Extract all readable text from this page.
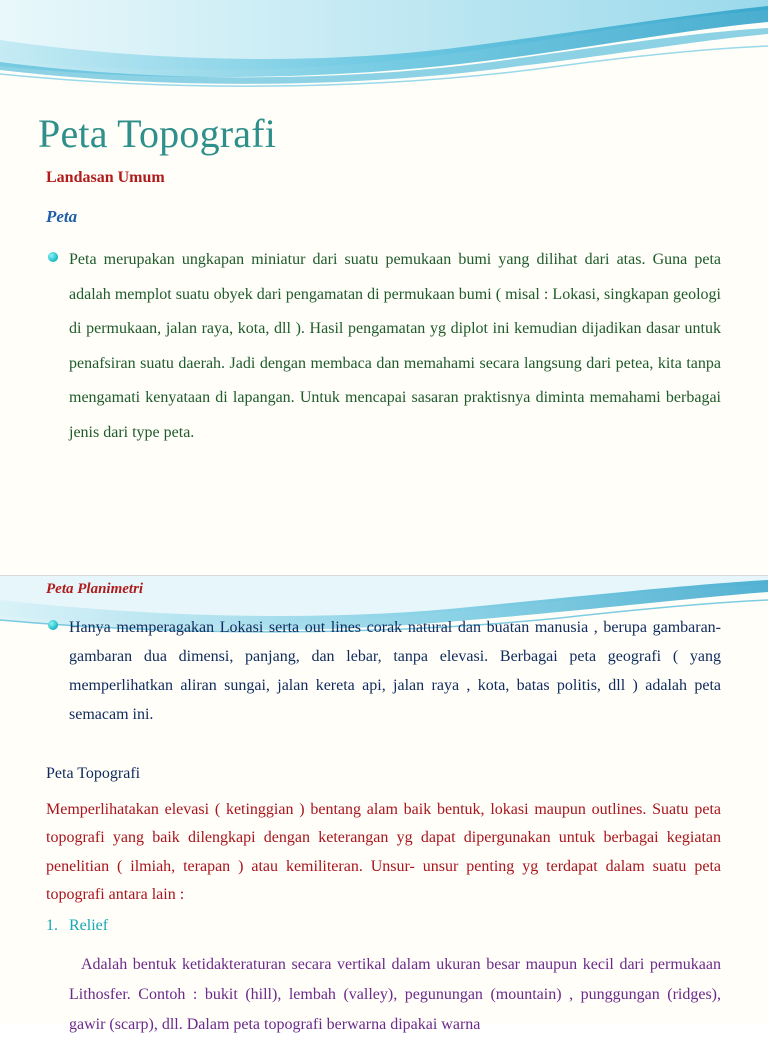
Peta Topografi
Landasan Umum
Peta

Peta merupakan ungkapan miniatur dari suatu pemukaan bumi yang dilihat dari atas. Guna peta adalah memplot suatu obyek dari pengamatan di permukaan bumi ( misal : Lokasi, singkapan geologi di permukaan, jalan raya, kota, dll ). Hasil pengamatan yg diplot ini kemudian dijadikan dasar untuk penafsiran suatu daerah. Jadi dengan membaca dan memahami secara langsung dari petea, kita tanpa mengamati kenyataan di lapangan. Untuk mencapai sasaran praktisnya diminta memahami berbagai jenis dari type peta.

Peta Planimetri

Hanya memperagakan Lokasi serta out lines corak natural dan buatan manusia , berupa gambaran-gambaran dua dimensi, panjang, dan lebar, tanpa elevasi. Berbagai peta geografi ( yang memperlihatkan aliran sungai, jalan kereta api, jalan raya , kota, batas politis, dll ) adalah peta semacam ini.

Peta Topografi

Memperlihatakan elevasi ( ketinggian ) bentang alam baik bentuk, lokasi maupun outlines. Suatu peta topografi yang baik dilengkapi dengan keterangan yg dapat dipergunakan untuk berbagai kegiatan penelitian ( ilmiah, terapan ) atau kemiliteran. Unsur- unsur penting yg terdapat dalam suatu peta topografi antara lain :

1. Relief

Adalah bentuk ketidakteraturan secara vertikal dalam ukuran besar maupun kecil dari permukaan Lithosfer. Contoh : bukit (hill), lembah (valley), pegunungan (mountain) , punggungan (ridges), gawir (scarp), dll. Dalam peta topografi berwarna dipakai warna
